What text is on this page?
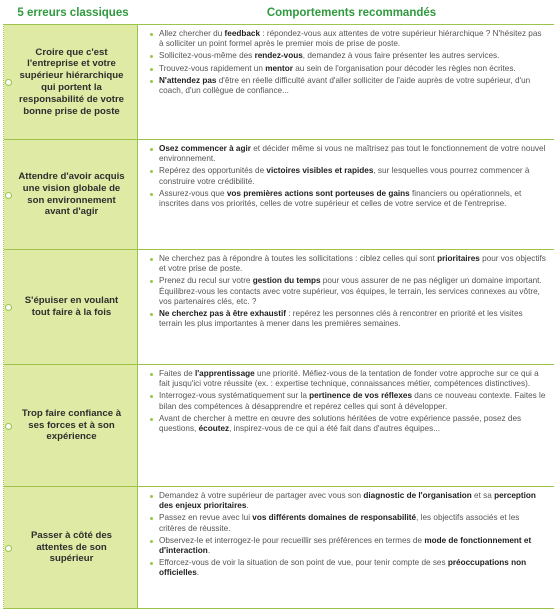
5 erreurs classiques	Comportements recommandés
Croire que c'est l'entreprise et votre supérieur hiérarchique qui portent la responsabilité de votre bonne prise de poste
Allez chercher du feedback : répondez-vous aux attentes de votre supérieur hiérarchique ? N'hésitez pas à solliciter un point formel après le premier mois de prise de poste.
Sollicitez-vous-même des rendez-vous, demandez à vous faire présenter les autres services.
Trouvez-vous rapidement un mentor au sein de l'organisation pour décoder les règles non écrites.
N'attendez pas d'être en réelle difficulté avant d'aller solliciter de l'aide auprès de votre supérieur, d'un coach, d'un collègue de confiance...
Attendre d'avoir acquis une vision globale de son environnement avant d'agir
Osez commencer à agir et décider même si vous ne maîtrisez pas tout le fonctionnement de votre nouvel environnement.
Repérez des opportunités de victoires visibles et rapides, sur lesquelles vous pourrez commencer à construire votre crédibilité.
Assurez-vous que vos premières actions sont porteuses de gains financiers ou opérationnels, et inscrites dans vos priorités, celles de votre supérieur et celles de votre service et de l'entreprise.
S'épuiser en voulant tout faire à la fois
Ne cherchez pas à répondre à toutes les sollicitations : ciblez celles qui sont prioritaires pour vos objectifs et votre prise de poste.
Prenez du recul sur votre gestion du temps pour vous assurer de ne pas négliger un domaine important. Équilibrez-vous les contacts avec votre supérieur, vos équipes, le terrain, les services connexes au vôtre, vos partenaires clés, etc. ?
Ne cherchez pas à être exhaustif : repérez les personnes clés à rencontrer en priorité et les visites terrain les plus importantes à mener dans les premières semaines.
Trop faire confiance à ses forces et à son expérience
Faites de l'apprentissage une priorité. Méfiez-vous de la tentation de fonder votre approche sur ce qui a fait jusqu'ici votre réussite (ex. : expertise technique, connaissances métier, compétences distinctives).
Interrogez-vous systématiquement sur la pertinence de vos réflexes dans ce nouveau contexte. Faites le bilan des compétences à désapprendre et repérez celles qui sont à développer.
Avant de chercher à mettre en œuvre des solutions héritées de votre expérience passée, posez des questions, écoutez, inspirez-vous de ce qui a été fait dans d'autres équipes...
Passer à côté des attentes de son supérieur
Demandez à votre supérieur de partager avec vous son diagnostic de l'organisation et sa perception des enjeux prioritaires.
Passez en revue avec lui vos différents domaines de responsabilité, les objectifs associés et les critères de réussite.
Observez-le et interrogez-le pour recueillir ses préférences en termes de mode de fonctionnement et d'interaction.
Efforcez-vous de voir la situation de son point de vue, pour tenir compte de ses préoccupations non officielles.
